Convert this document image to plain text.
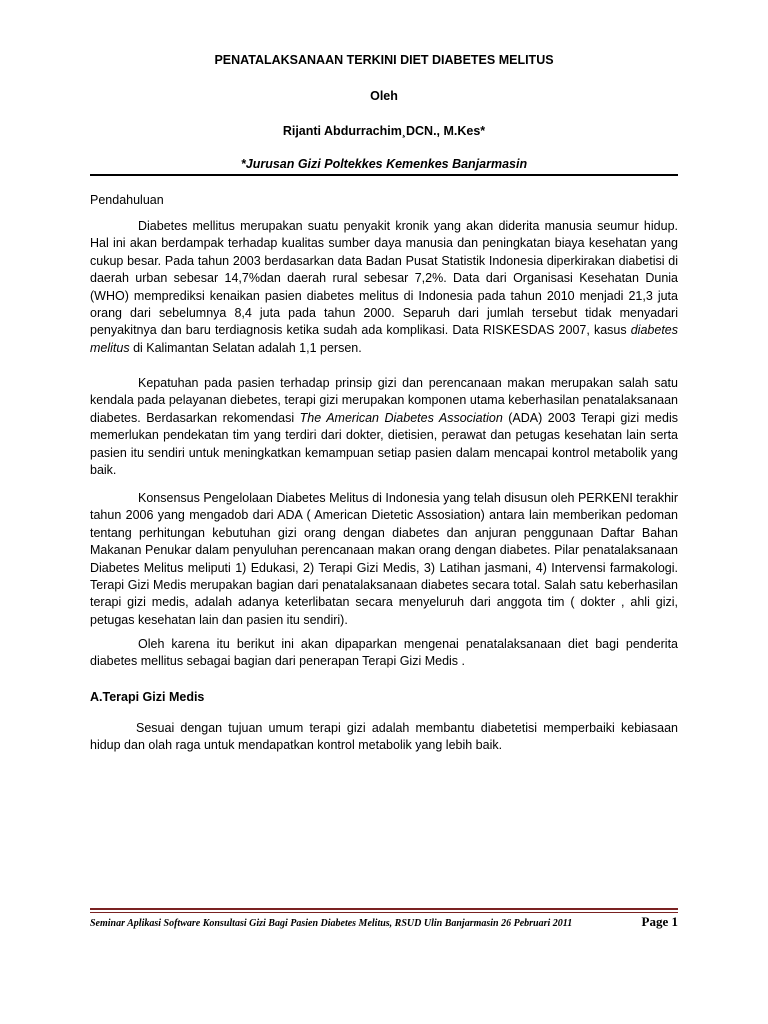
PENATALAKSANAAN TERKINI DIET DIABETES MELITUS
Oleh
Rijanti Abdurrachim¸DCN., M.Kes*
*Jurusan Gizi Poltekkes Kemenkes Banjarmasin
Pendahuluan
Diabetes mellitus merupakan suatu penyakit kronik yang akan diderita manusia seumur hidup. Hal ini akan berdampak terhadap kualitas sumber daya manusia dan peningkatan biaya kesehatan yang cukup besar. Pada tahun 2003 berdasarkan data Badan Pusat Statistik Indonesia diperkirakan diabetisi di daerah urban sebesar 14,7%dan daerah rural sebesar 7,2%. Data dari Organisasi Kesehatan Dunia (WHO) memprediksi kenaikan pasien diabetes melitus di Indonesia pada tahun 2010 menjadi 21,3 juta orang dari sebelumnya 8,4 juta pada tahun 2000. Separuh dari jumlah tersebut tidak menyadari penyakitnya dan baru terdiagnosis ketika sudah ada komplikasi. Data RISKESDAS 2007, kasus diabetes melitus di Kalimantan Selatan adalah 1,1 persen.
Kepatuhan pada pasien terhadap prinsip gizi dan perencanaan makan merupakan salah satu kendala pada pelayanan diebetes, terapi gizi merupakan komponen utama keberhasilan penatalaksanaan diabetes. Berdasarkan rekomendasi The American Diabetes Association (ADA) 2003 Terapi gizi medis memerlukan pendekatan tim yang terdiri dari dokter, dietisien, perawat dan petugas kesehatan lain serta pasien itu sendiri untuk meningkatkan kemampuan setiap pasien dalam mencapai kontrol metabolik yang baik.
Konsensus Pengelolaan Diabetes Melitus di Indonesia yang telah disusun oleh PERKENI terakhir tahun 2006 yang mengadob dari ADA ( American Dietetic Assosiation) antara lain memberikan pedoman tentang perhitungan kebutuhan gizi orang dengan diabetes dan anjuran penggunaan Daftar Bahan Makanan Penukar dalam penyuluhan perencanaan makan orang dengan diabetes. Pilar penatalaksanaan Diabetes Melitus meliputi 1) Edukasi, 2) Terapi Gizi Medis, 3) Latihan jasmani, 4) Intervensi farmakologi. Terapi Gizi Medis merupakan bagian dari penatalaksanaan diabetes secara total. Salah satu keberhasilan terapi gizi medis, adalah adanya keterlibatan secara menyeluruh dari anggota tim ( dokter , ahli gizi, petugas kesehatan lain dan pasien itu sendiri).
Oleh karena itu berikut ini akan dipaparkan mengenai penatalaksanaan diet bagi penderita diabetes mellitus sebagai bagian dari penerapan Terapi Gizi Medis .
A.Terapi Gizi Medis
Sesuai dengan tujuan umum terapi gizi adalah membantu diabetetisi memperbaiki kebiasaan hidup dan olah raga untuk mendapatkan kontrol metabolik yang lebih baik.
Seminar Aplikasi Software Konsultasi Gizi Bagi Pasien Diabetes Melitus, RSUD Ulin Banjarmasin 26 Pebruari 2011	Page 1
